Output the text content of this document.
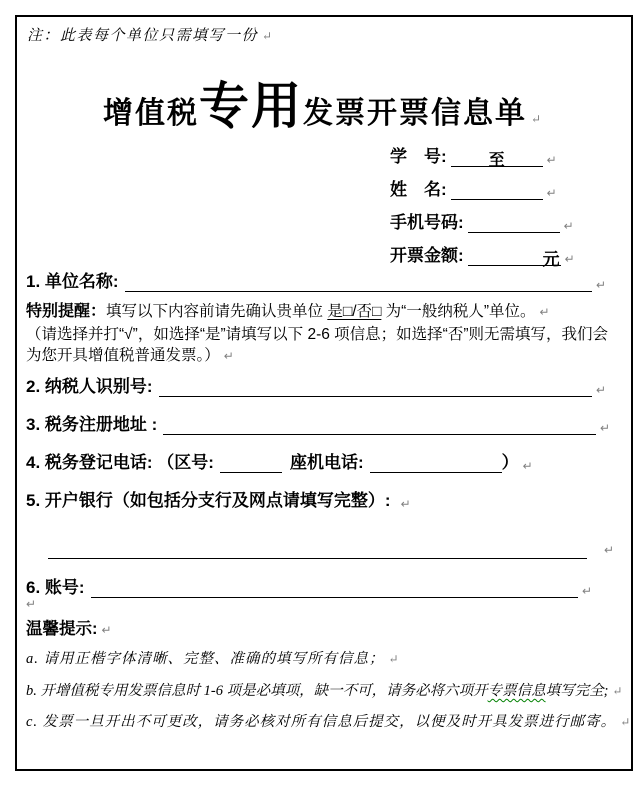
注：此表每个单位只需填写一份 ↵
增值税 专用 发票开票信息单 ↵
学　号:	至	↵
姓　名:	↵
手机号码:	↵
开票金额:	元 ↵
1. 单位名称:	↵
特别提醒：填写以下内容前请先确认贵单位 是□/否□ 为“一般纳税人”单位。 ↵
（请选择并打“√”，如选择“是”请填写以下 2-6 项信息；如选择“否”则无需填写，我们会为您开具增值税普通发票。） ↵
2. 纳税人识别号:	↵
3. 税务注册地址 :	↵
4. 税务登记电话: （区号:	座机电话:	） ↵
5. 开户银行（如包括分支行及网点请填写完整）: ↵
↵
6. 账号:	↵
↵
温馨提示: ↵
a. 请用正楷字体清晰、完整、准确的填写所有信息； ↵
b. 开增值税专用发票信息时 1-6 项是必填项，缺一不可，请务必将六项开专票信息填写完全; ↵
c. 发票一旦开出不可更改，请务必核对所有信息后提交，以便及时开具发票进行邮寄。 ↵
